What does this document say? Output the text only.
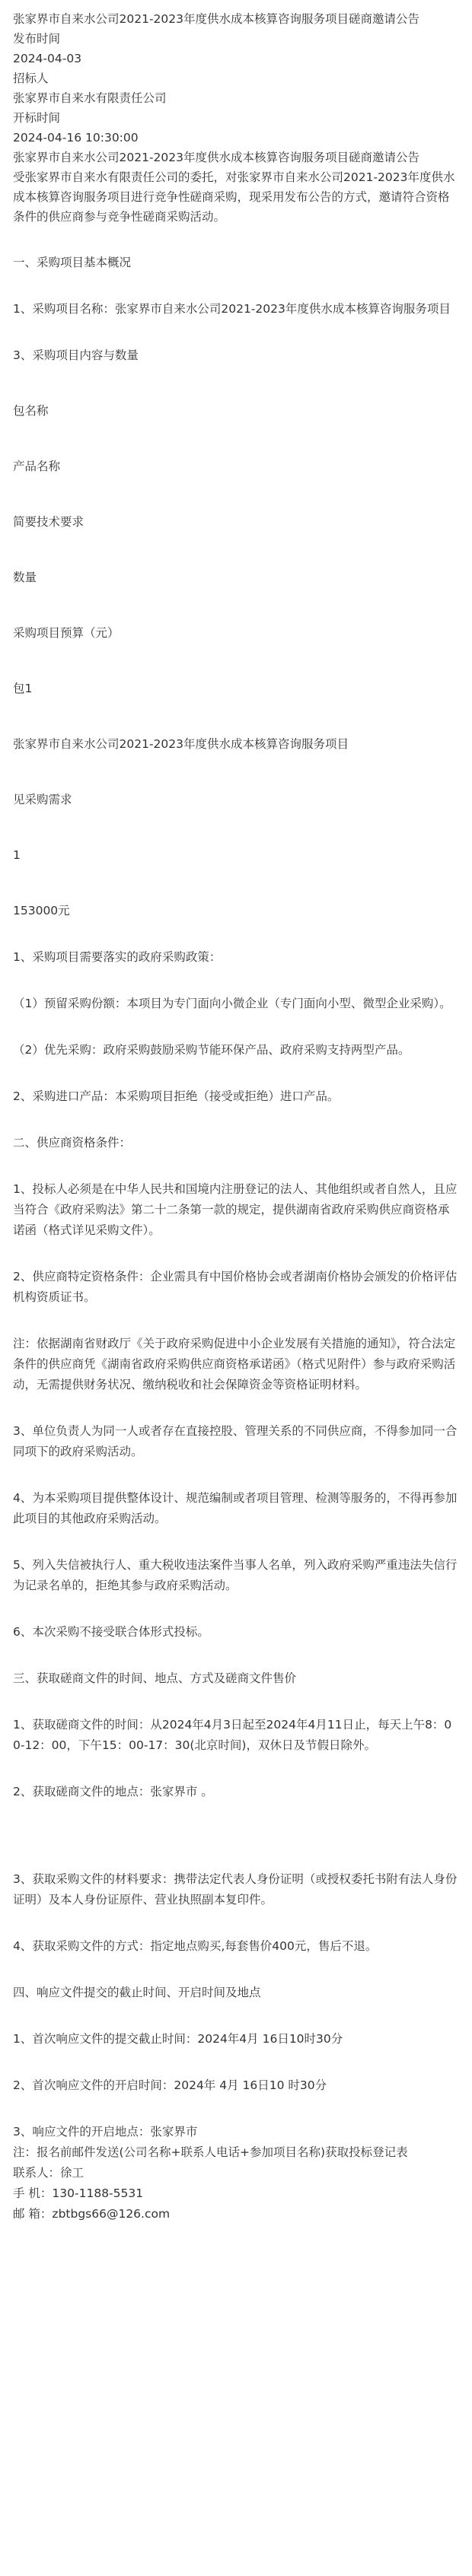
张家界市自来水公司2021-2023年度供水成本核算咨询服务项目磋商邀请公告

发布时间

2024-04-03

招标人

张家界市自来水有限责任公司

开标时间

2024-04-16 10:30:00

张家界市自来水公司2021-2023年度供水成本核算咨询服务项目磋商邀请公告

受张家界市自来水有限责任公司的委托，对张家界市自来水公司2021-2023年度供水成本核算咨询服务项目进行竞争性磋商采购，现采用发布公告的方式，邀请符合资格条件的供应商参与竞争性磋商采购活动。

一、采购项目基本概况

1、采购项目名称：张家界市自来水公司2021-2023年度供水成本核算咨询服务项目

3、采购项目内容与数量

包名称

产品名称

简要技术要求

数量

采购项目预算（元）

包1

张家界市自来水公司2021-2023年度供水成本核算咨询服务项目

见采购需求

1

153000元

1、采购项目需要落实的政府采购政策：

（1）预留采购份额：本项目为专门面向小微企业（专门面向小型、微型企业采购）。

（2）优先采购：政府采购鼓励采购节能环保产品、政府采购支持两型产品。

2、采购进口产品：本采购项目拒绝（接受或拒绝）进口产品。

二、供应商资格条件：

1、投标人必须是在中华人民共和国境内注册登记的法人、其他组织或者自然人，且应当符合《政府采购法》第二十二条第一款的规定，提供湖南省政府采购供应商资格承诺函（格式详见采购文件）。

2、供应商特定资格条件：企业需具有中国价格协会或者湖南价格协会颁发的价格评估机构资质证书。

注：依据湖南省财政厅《关于政府采购促进中小企业发展有关措施的通知》，符合法定条件的供应商凭《湖南省政府采购供应商资格承诺函》（格式见附件）参与政府采购活动，无需提供财务状况、缴纳税收和社会保障资金等资格证明材料。

3、单位负责人为同一人或者存在直接控股、管理关系的不同供应商，不得参加同一合同项下的政府采购活动。

4、为本采购项目提供整体设计、规范编制或者项目管理、检测等服务的，不得再参加此项目的其他政府采购活动。

5、列入失信被执行人、重大税收违法案件当事人名单，列入政府采购严重违法失信行为记录名单的，拒绝其参与政府采购活动。

6、本次采购不接受联合体形式投标。

三、获取磋商文件的时间、地点、方式及磋商文件售价

1、获取磋商文件的时间：从2024年4月3日起至2024年4月11日止，每天上午8：00-12：00，下午15：00-17：30(北京时间)，双休日及节假日除外。

2、获取磋商文件的地点：张家界市 。

3、获取采购文件的材料要求：携带法定代表人身份证明（或授权委托书附有法人身份证明）及本人身份证原件、营业执照副本复印件。

4、获取采购文件的方式：指定地点购买,每套售价400元，售后不退。

四、响应文件提交的截止时间、开启时间及地点

1、首次响应文件的提交截止时间：2024年4月 16日10时30分

2、首次响应文件的开启时间：2024年 4月 16日10 时30分

3、响应文件的开启地点：张家界市

注：报名前邮件发送(公司名称+联系人电话+参加项目名称)获取投标登记表

联系人：徐工

手 机：130-1188-5531

邮 箱：zbtbgs66@126.com
